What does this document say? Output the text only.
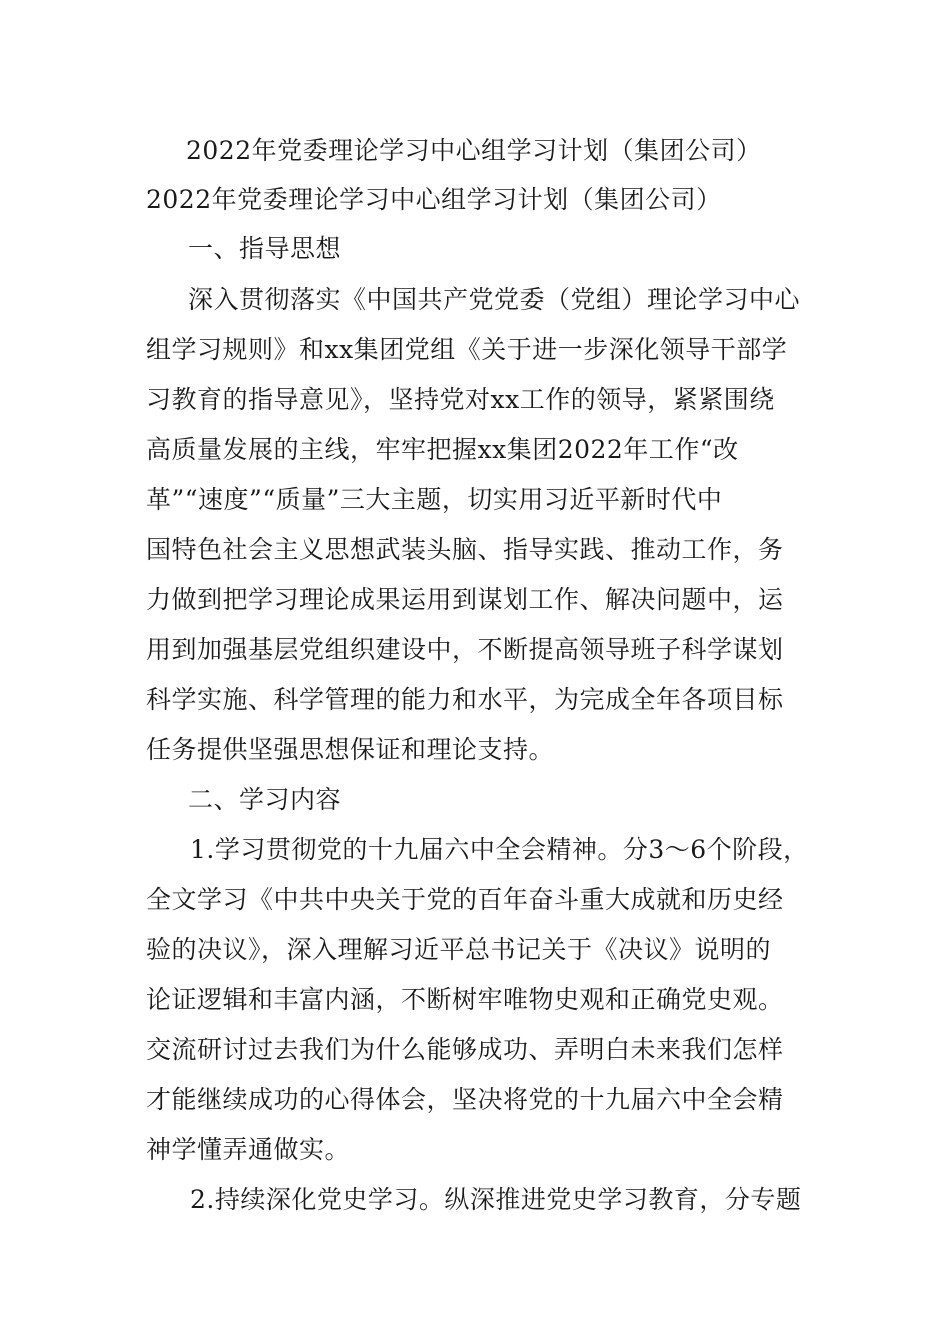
2022年党委理论学习中心组学习计划（集团公司）
2022年党委理论学习中心组学习计划（集团公司）
一、指导思想
深入贯彻落实《中国共产党党委（党组）理论学习中心
组学习规则》和xx集团党组《关于进一步深化领导干部学
习教育的指导意见》，坚持党对xx工作的领导，紧紧围绕
高质量发展的主线，牢牢把握xx集团2022年工作“改
革”“速度”“质量”三大主题，切实用习近平新时代中
国特色社会主义思想武装头脑、指导实践、推动工作，务
力做到把学习理论成果运用到谋划工作、解决问题中，运
用到加强基层党组织建设中，不断提高领导班子科学谋划
科学实施、科学管理的能力和水平，为完成全年各项目标
任务提供坚强思想保证和理论支持。
二、学习内容
1.学习贯彻党的十九届六中全会精神。分3～6个阶段，
全文学习《中共中央关于党的百年奋斗重大成就和历史经
验的决议》，深入理解习近平总书记关于《决议》说明的
论证逻辑和丰富内涵，不断树牢唯物史观和正确党史观。
交流研讨过去我们为什么能够成功、弄明白未来我们怎样
才能继续成功的心得体会，坚决将党的十九届六中全会精
神学懂弄通做实。
2.持续深化党史学习。纵深推进党史学习教育，分专题
